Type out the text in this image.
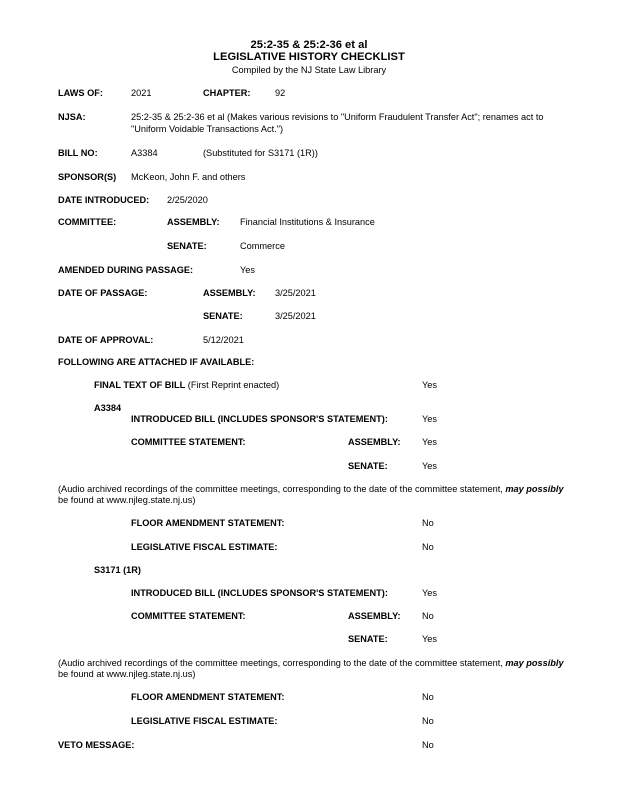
25:2-35 & 25:2-36 et al
LEGISLATIVE HISTORY CHECKLIST
Compiled by the NJ State Law Library
LAWS OF:	2021	CHAPTER:	92
NJSA:	25:2-35 & 25:2-36 et al (Makes various revisions to "Uniform Fraudulent Transfer Act"; renames act to
"Uniform Voidable Transactions Act.")
BILL NO:	A3384	(Substituted for S3171 (1R))
SPONSOR(S) McKeon, John F. and others
DATE INTRODUCED: 2/25/2020
COMMITTEE:	ASSEMBLY: Financial Institutions & Insurance
SENATE:	Commerce
AMENDED DURING PASSAGE:	Yes
DATE OF PASSAGE:	ASSEMBLY: 3/25/2021
SENATE:	3/25/2021
DATE OF APPROVAL:	5/12/2021
FOLLOWING ARE ATTACHED IF AVAILABLE:
FINAL TEXT OF BILL (First Reprint enacted)	Yes
A3384
INTRODUCED BILL (INCLUDES SPONSOR'S STATEMENT):	Yes
COMMITTEE STATEMENT:	ASSEMBLY: Yes
SENATE:	Yes
(Audio archived recordings of the committee meetings, corresponding to the date of the committee statement, may possibly
be found at www.njleg.state.nj.us)
FLOOR AMENDMENT STATEMENT:	No
LEGISLATIVE FISCAL ESTIMATE:	No
S3171 (1R)
INTRODUCED BILL (INCLUDES SPONSOR'S STATEMENT):	Yes
COMMITTEE STATEMENT:	ASSEMBLY: No
SENATE:	Yes
(Audio archived recordings of the committee meetings, corresponding to the date of the committee statement, may possibly
be found at www.njleg.state.nj.us)
FLOOR AMENDMENT STATEMENT:	No
LEGISLATIVE FISCAL ESTIMATE:	No
VETO MESSAGE:	No
